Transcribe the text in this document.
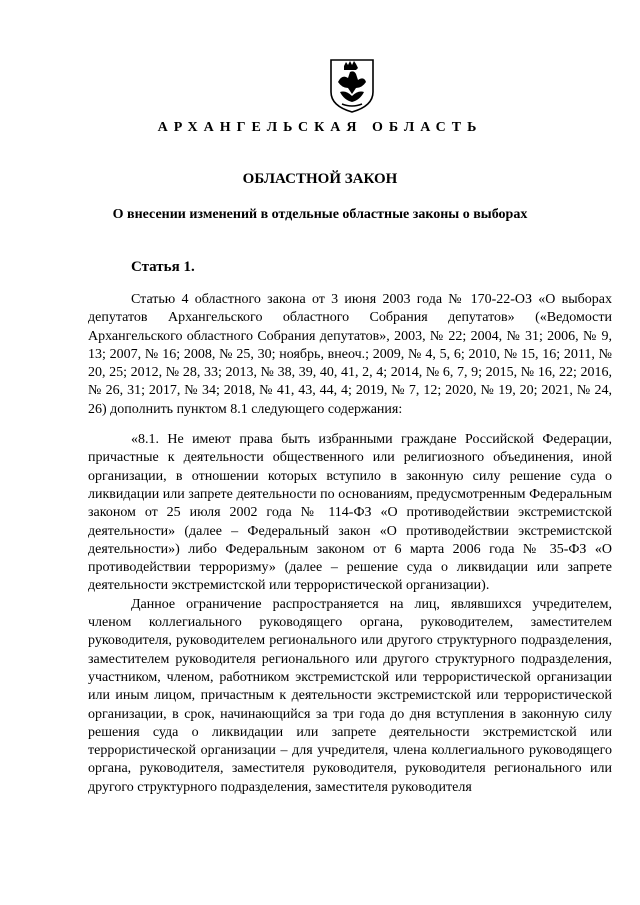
АРХАНГЕЛЬСКАЯ ОБЛАСТЬ
ОБЛАСТНОЙ ЗАКОН
О внесении изменений в отдельные областные законы о выборах
Статья 1.

Статью 4 областного закона от 3 июня 2003 года № 170-22-ОЗ «О выборах депутатов Архангельского областного Собрания депутатов» («Ведомости Архангельского областного Собрания депутатов», 2003, № 22; 2004, № 31; 2006, № 9, 13; 2007, № 16; 2008, № 25, 30; ноябрь, внеоч.; 2009, № 4, 5, 6; 2010, № 15, 16; 2011, № 20, 25; 2012, № 28, 33; 2013, № 38, 39, 40, 41, 2, 4; 2014, № 6, 7, 9; 2015, № 16, 22; 2016, № 26, 31; 2017, № 34; 2018, № 41, 43, 44, 4; 2019, № 7, 12; 2020, № 19, 20; 2021, № 24, 26) дополнить пунктом 8.1 следующего содержания:

«8.1. Не имеют права быть избранными граждане Российской Федерации, причастные к деятельности общественного или религиозного объединения, иной организации, в отношении которых вступило в законную силу решение суда о ликвидации или запрете деятельности по основаниям, предусмотренным Федеральным законом от 25 июля 2002 года № 114-ФЗ «О противодействии экстремистской деятельности» (далее – Федеральный закон «О противодействии экстремистской деятельности») либо Федеральным законом от 6 марта 2006 года № 35-ФЗ «О противодействии терроризму» (далее – решение суда о ликвидации или запрете деятельности экстремистской или террористической организации).

Данное ограничение распространяется на лиц, являвшихся учредителем, членом коллегиального руководящего органа, руководителем, заместителем руководителя, руководителем регионального или другого структурного подразделения, заместителем руководителя регионального или другого структурного подразделения, участником, членом, работником экстремистской или террористической организации или иным лицом, причастным к деятельности экстремистской или террористической организации, в срок, начинающийся за три года до дня вступления в законную силу решения суда о ликвидации или запрете деятельности экстремистской или террористической организации – для учредителя, члена коллегиального руководящего органа, руководителя, заместителя руководителя, руководителя регионального или другого структурного подразделения, заместителя руководителя
